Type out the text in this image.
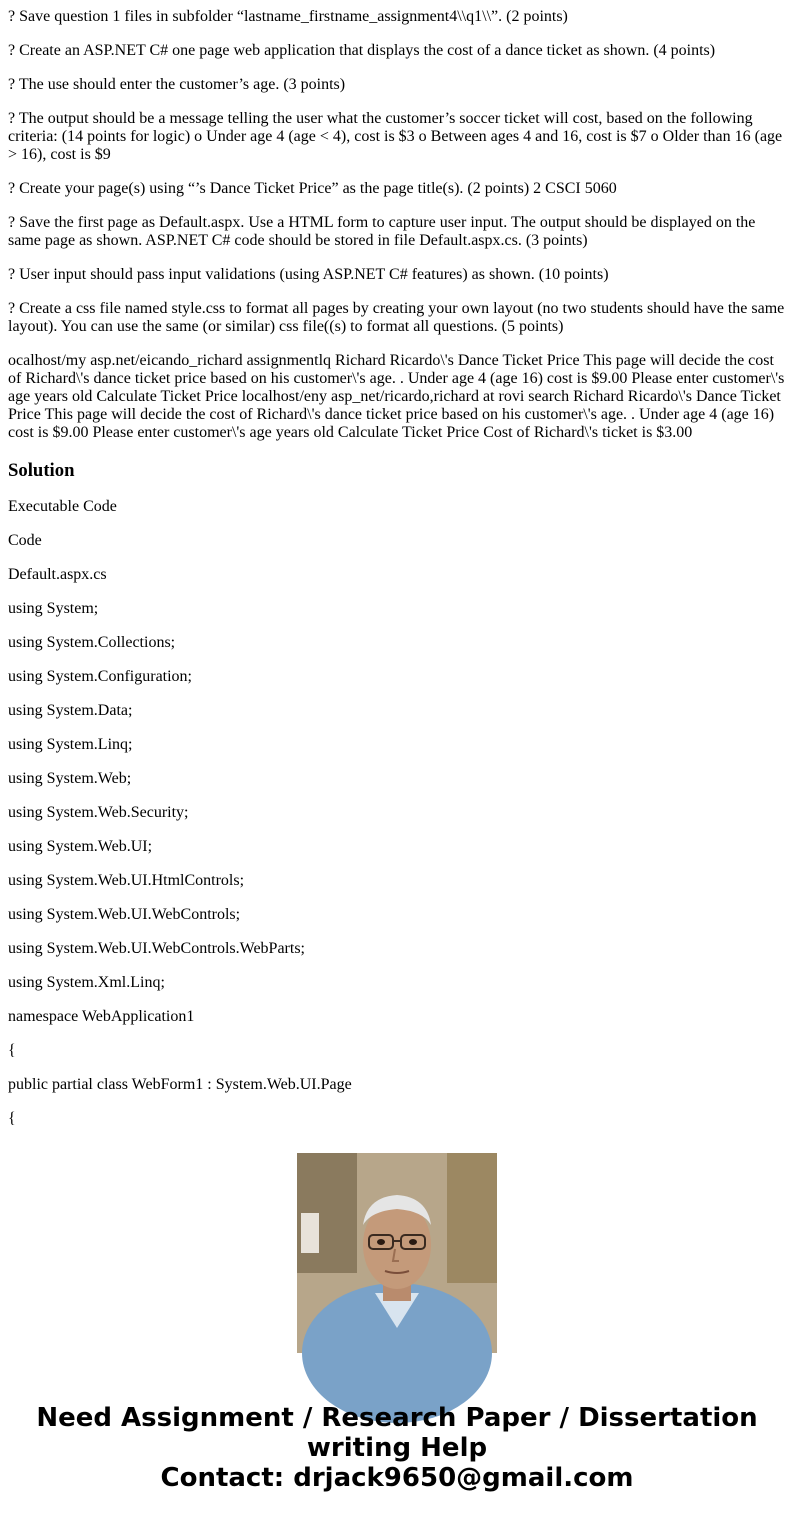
? Save question 1 files in subfolder “lastname_firstname_assignment4\\q1\\”. (2 points)
? Create an ASP.NET C# one page web application that displays the cost of a dance ticket as shown. (4 points)
? The use should enter the customer’s age. (3 points)
? The output should be a message telling the user what the customer’s soccer ticket will cost, based on the following criteria: (14 points for logic) o Under age 4 (age < 4), cost is $3 o Between ages 4 and 16, cost is $7 o Older than 16 (age > 16), cost is $9
? Create your page(s) using “’s Dance Ticket Price” as the page title(s). (2 points) 2 CSCI 5060
? Save the first page as Default.aspx. Use a HTML form to capture user input. The output should be displayed on the same page as shown. ASP.NET C# code should be stored in file Default.aspx.cs. (3 points)
? User input should pass input validations (using ASP.NET C# features) as shown. (10 points)
? Create a css file named style.css to format all pages by creating your own layout (no two students should have the same layout). You can use the same (or similar) css file((s) to format all questions. (5 points)
ocalhost/my asp.net/eicando_richard assignmentlq Richard Ricardo\'s Dance Ticket Price This page will decide the cost of Richard\'s dance ticket price based on his customer\'s age. . Under age 4 (age 16) cost is $9.00 Please enter customer\'s age years old Calculate Ticket Price localhost/eny asp_net/ricardo,richard at rovi search Richard Ricardo\'s Dance Ticket Price This page will decide the cost of Richard\'s dance ticket price based on his customer\'s age. . Under age 4 (age 16) cost is $9.00 Please enter customer\'s age years old Calculate Ticket Price Cost of Richard\'s ticket is $3.00
Solution
Executable Code
Code
Default.aspx.cs
using System;
using System.Collections;
using System.Configuration;
using System.Data;
using System.Linq;
using System.Web;
using System.Web.Security;
using System.Web.UI;
using System.Web.UI.HtmlControls;
using System.Web.UI.WebControls;
using System.Web.UI.WebControls.WebParts;
using System.Xml.Linq;
namespace WebApplication1
{
public partial class WebForm1 : System.Web.UI.Page
{
Need Assignment / Research Paper / Dissertation
writing Help
Contact: drjack9650@gmail.com
